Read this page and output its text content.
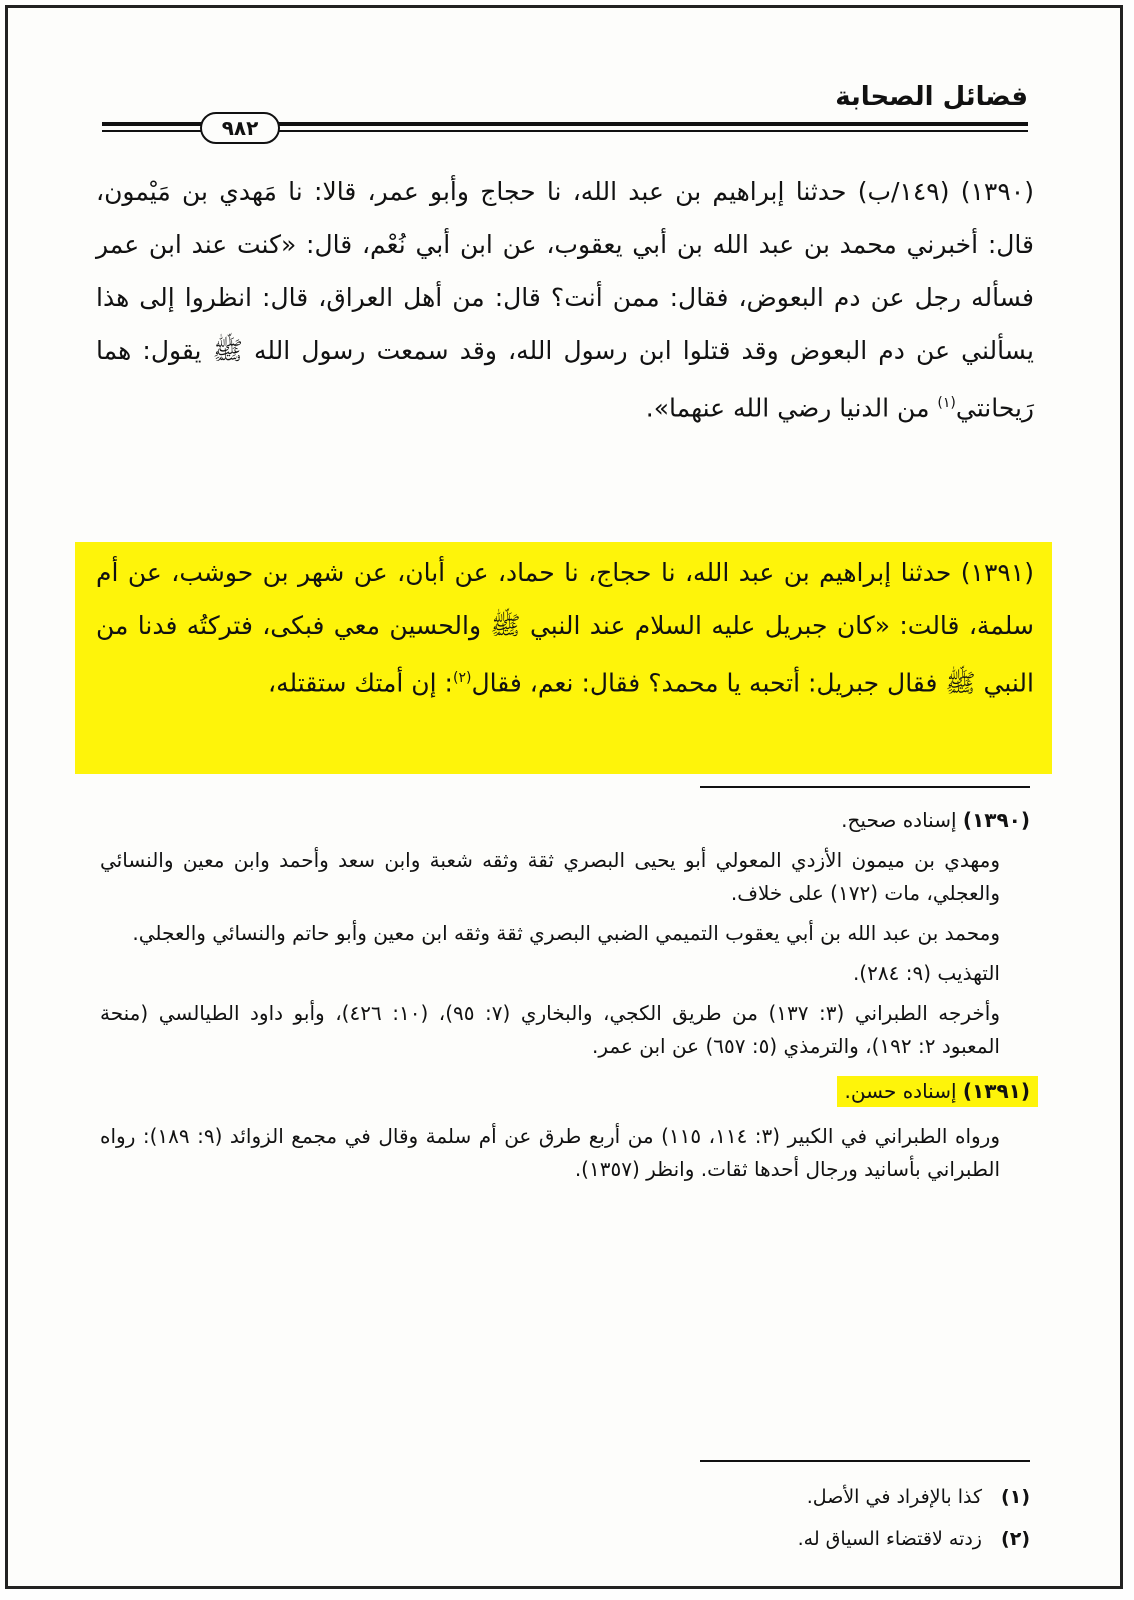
فضائل الصحابة
٩٨٢
(١٣٩٠) (١٤٩/ب) حدثنا إبراهيم بن عبد الله، نا حجاج وأبو عمر، قالا: نا مَهدي بن مَيْمون، قال: أخبرني محمد بن عبد الله بن أبي يعقوب، عن ابن أبي نُعْم، قال: «كنت عند ابن عمر فسأله رجل عن دم البعوض، فقال: ممن أنت؟ قال: من أهل العراق، قال: انظروا إلى هذا يسألني عن دم البعوض وقد قتلوا ابن رسول الله، وقد سمعت رسول الله ﷺ يقول: هما رَيحانتي$^{(١)}$ من الدنيا رضي الله عنهما».
(١٣٩١) حدثنا إبراهيم بن عبد الله، نا حجاج، نا حماد، عن أبان، عن شهر بن حوشب، عن أم سلمة، قالت: «كان جبريل عليه السلام عند النبي ﷺ والحسين معي فبكى، فتركتُه فدنا من النبي ﷺ فقال جبريل: أتحبه يا محمد؟ فقال: نعم، فقال$^{(٢)}$: إن أمتك ستقتله،
(١٣٩٠) إسناده صحيح.
ومهدي بن ميمون الأزدي المعولي أبو يحيى البصري ثقة وثقه شعبة وابن سعد وأحمد وابن معين والنسائي والعجلي، مات (١٧٢) على خلاف.
ومحمد بن عبد الله بن أبي يعقوب التميمي الضبي البصري ثقة وثقه ابن معين وأبو حاتم والنسائي والعجلي.
التهذيب (٩: ٢٨٤).
وأخرجه الطبراني (٣: ١٣٧) من طريق الكجي، والبخاري (٧: ٩٥)، (١٠: ٤٢٦)، وأبو داود الطيالسي (منحة المعبود ٢: ١٩٢)، والترمذي (٥: ٦٥٧) عن ابن عمر.
(١٣٩١) إسناده حسن.
ورواه الطبراني في الكبير (٣: ١١٤، ١١٥) من أربع طرق عن أم سلمة وقال في مجمع الزوائد (٩: ١٨٩): رواه الطبراني بأسانيد ورجال أحدها ثقات. وانظر (١٣٥٧).
(١)كذا بالإفراد في الأصل.
(٢)زدته لاقتضاء السياق له.
